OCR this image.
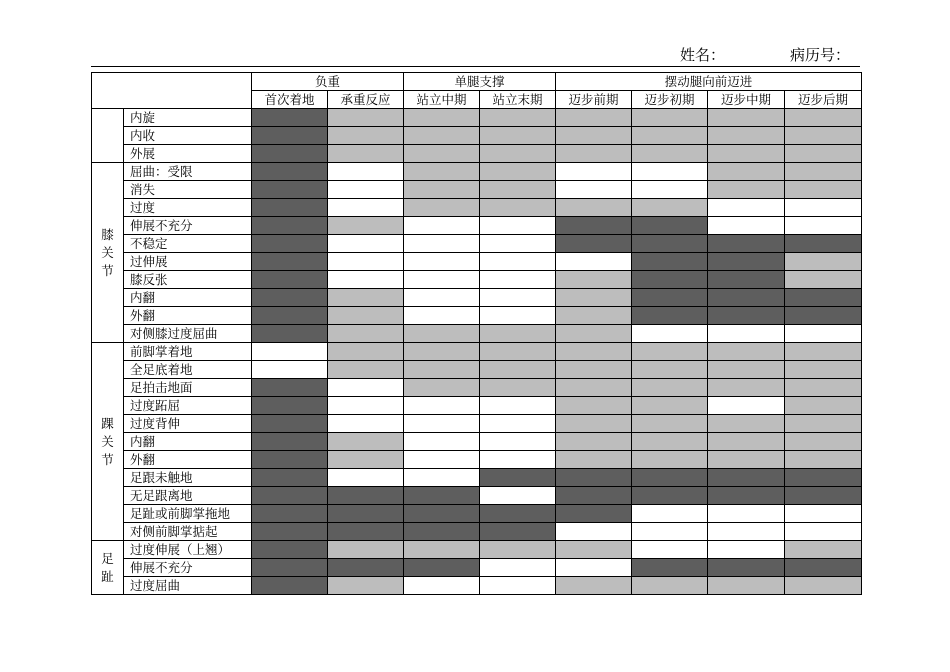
姓名：	病历号：
		负重		单腿支撑		摆动腿向前迈进			
		首次着地	承重反应	站立中期	站立末期	迈步前期	迈步初期	迈步中期	迈步后期
	内旋								
	内收								
	外展								
膝
关
节	屈曲：受限								
	消失								
	过度								
	伸展不充分								
	不稳定								
	过伸展								
	膝反张								
	内翻								
	外翻								
	对侧膝过度屈曲								
踝
关
节	前脚掌着地								
	全足底着地								
	足拍击地面								
	过度跖屈								
	过度背伸								
	内翻								
	外翻								
	足跟未触地								
	无足跟离地								
	足趾或前脚掌拖地								
	对侧前脚掌掂起								
足
趾	过度伸展（上翘）								
	伸展不充分								
	过度屈曲								
